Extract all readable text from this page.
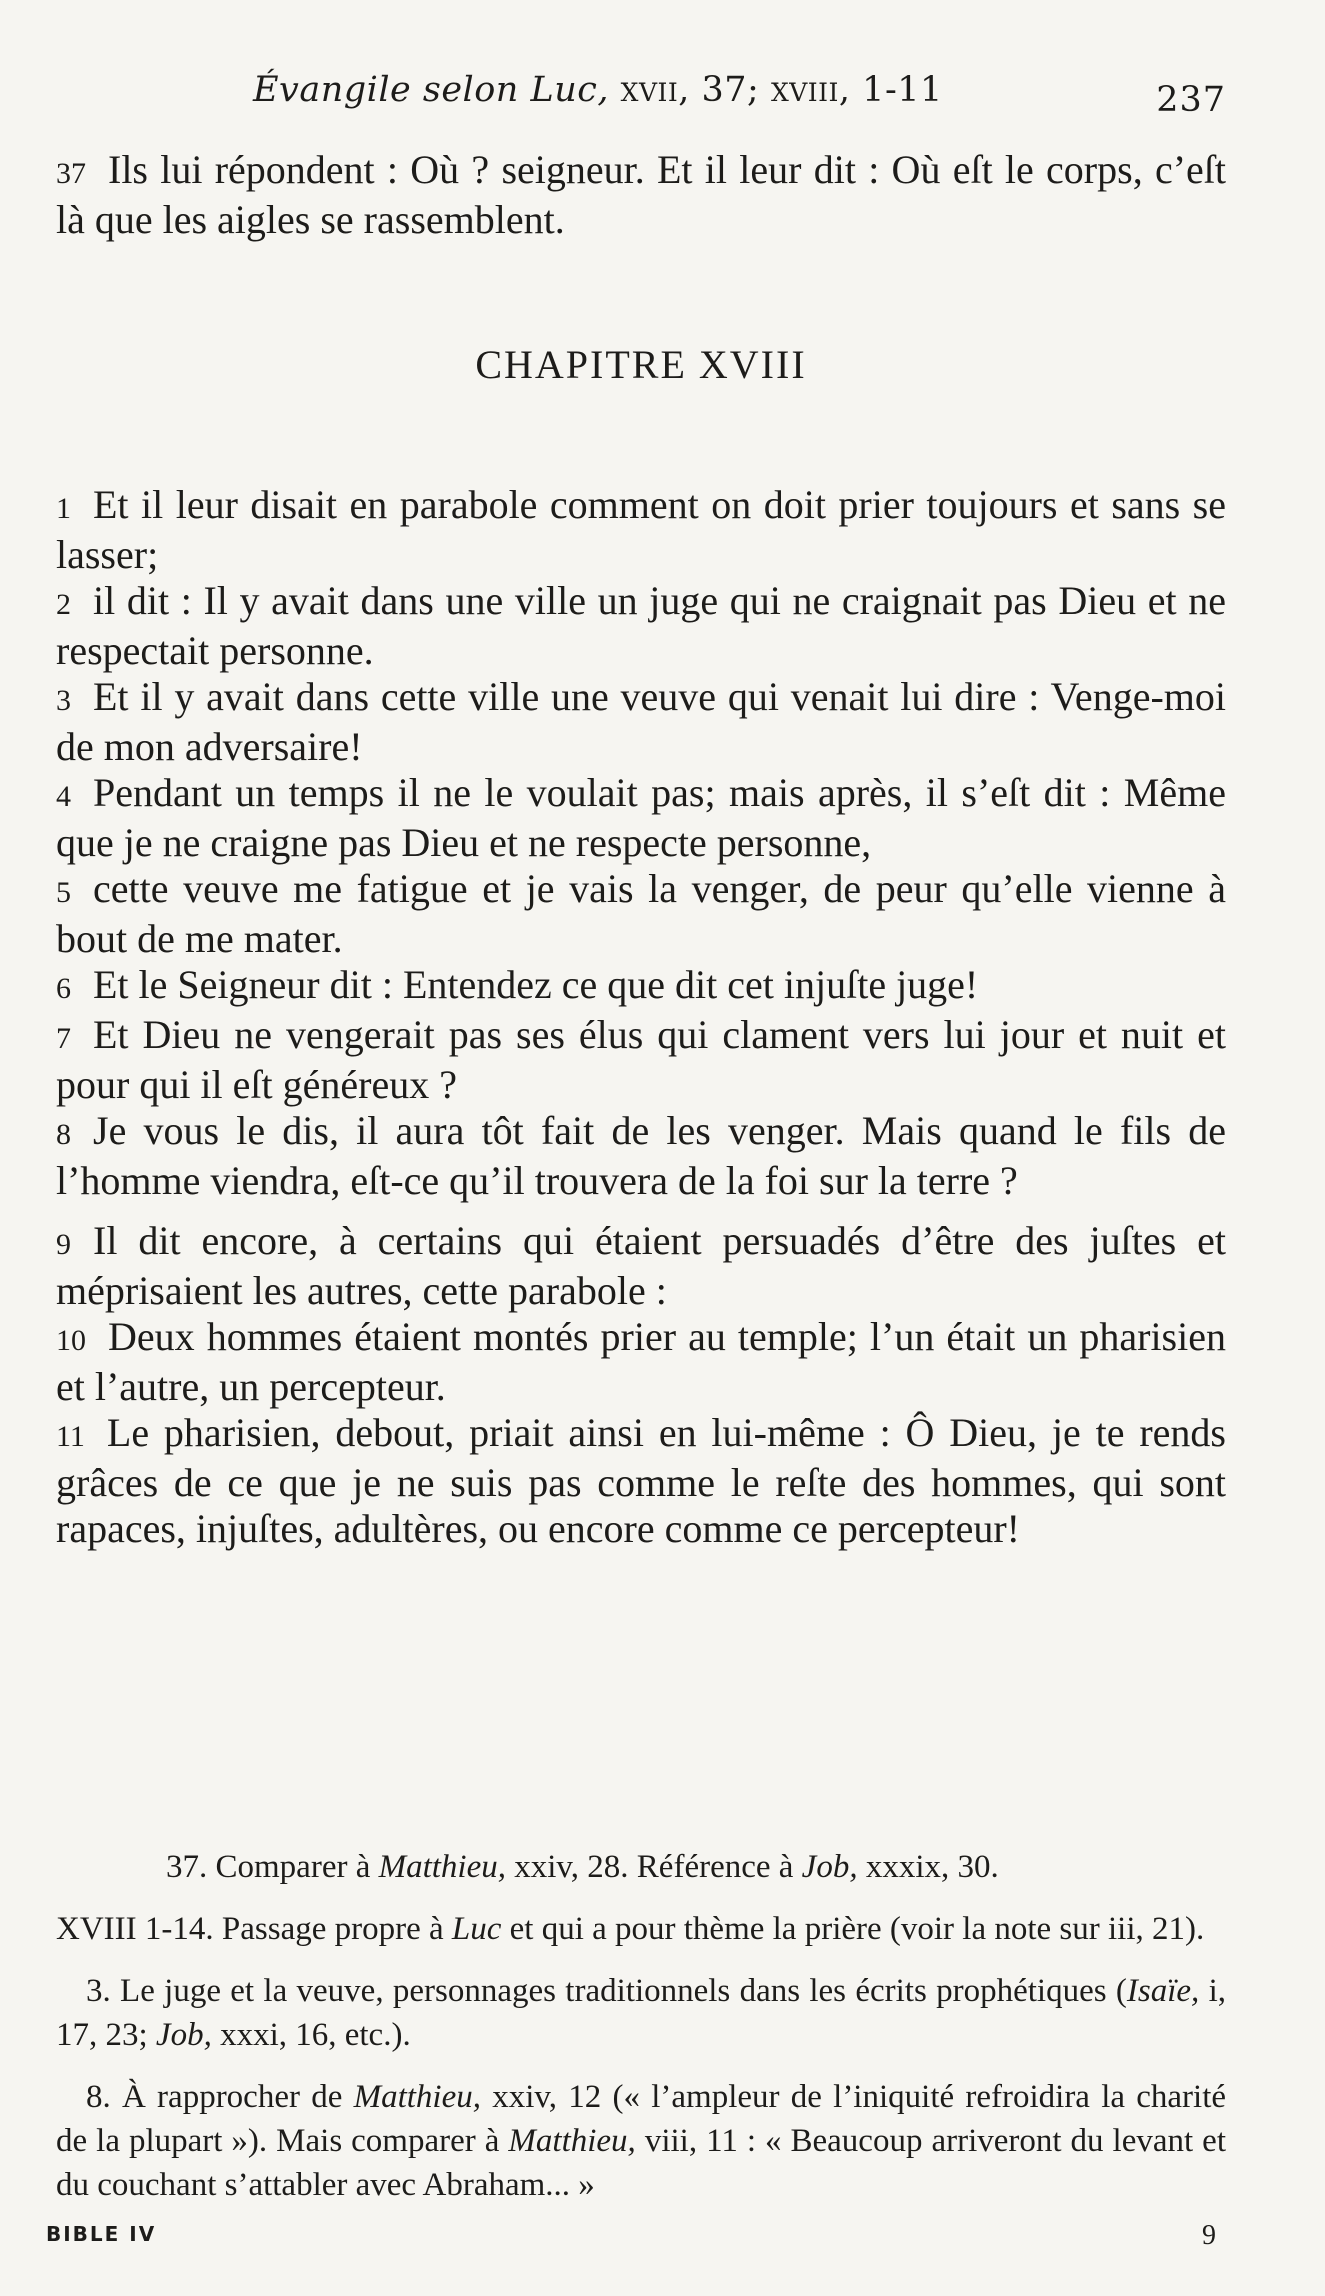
Évangile selon Luc, xvii, 37; xviii, 1-11	237

37 Ils lui répondent : Où ? seigneur. Et il leur dit : Où eſt le corps, c’eſt là que les aigles se rassemblent.

CHAPITRE XVIII

1 Et il leur disait en parabole comment on doit prier toujours et sans se lasser;

2 il dit : Il y avait dans une ville un juge qui ne craignait pas Dieu et ne respectait personne.

3 Et il y avait dans cette ville une veuve qui venait lui dire : Venge-moi de mon adversaire!

4 Pendant un temps il ne le voulait pas; mais après, il s’eſt dit : Même que je ne craigne pas Dieu et ne respecte personne,

5 cette veuve me fatigue et je vais la venger, de peur qu’elle vienne à bout de me mater.

6 Et le Seigneur dit : Entendez ce que dit cet injuſte juge!

7 Et Dieu ne vengerait pas ses élus qui clament vers lui jour et nuit et pour qui il eſt généreux ?

8 Je vous le dis, il aura tôt fait de les venger. Mais quand le fils de l’homme viendra, eſt-ce qu’il trouvera de la foi sur la terre ?

9 Il dit encore, à certains qui étaient persuadés d’être des juſtes et méprisaient les autres, cette parabole :

10 Deux hommes étaient montés prier au temple; l’un était un pharisien et l’autre, un percepteur.

11 Le pharisien, debout, priait ainsi en lui-même : Ô Dieu, je te rends grâces de ce que je ne suis pas comme le reſte des hommes, qui sont rapaces, injuſtes, adultères, ou encore comme ce percepteur!

37. Comparer à Matthieu, xxiv, 28. Référence à Job, xxxix, 30.

XVIII 1-14. Passage propre à Luc et qui a pour thème la prière (voir la note sur iii, 21).

3. Le juge et la veuve, personnages traditionnels dans les écrits prophétiques (Isaïe, i, 17, 23; Job, xxxi, 16, etc.).

8. À rapprocher de Matthieu, xxiv, 12 (« l’ampleur de l’iniquité refroidira la charité de la plupart »). Mais comparer à Matthieu, viii, 11 : « Beaucoup arriveront du levant et du couchant s’attabler avec Abraham... »

BIBLE IV	9
